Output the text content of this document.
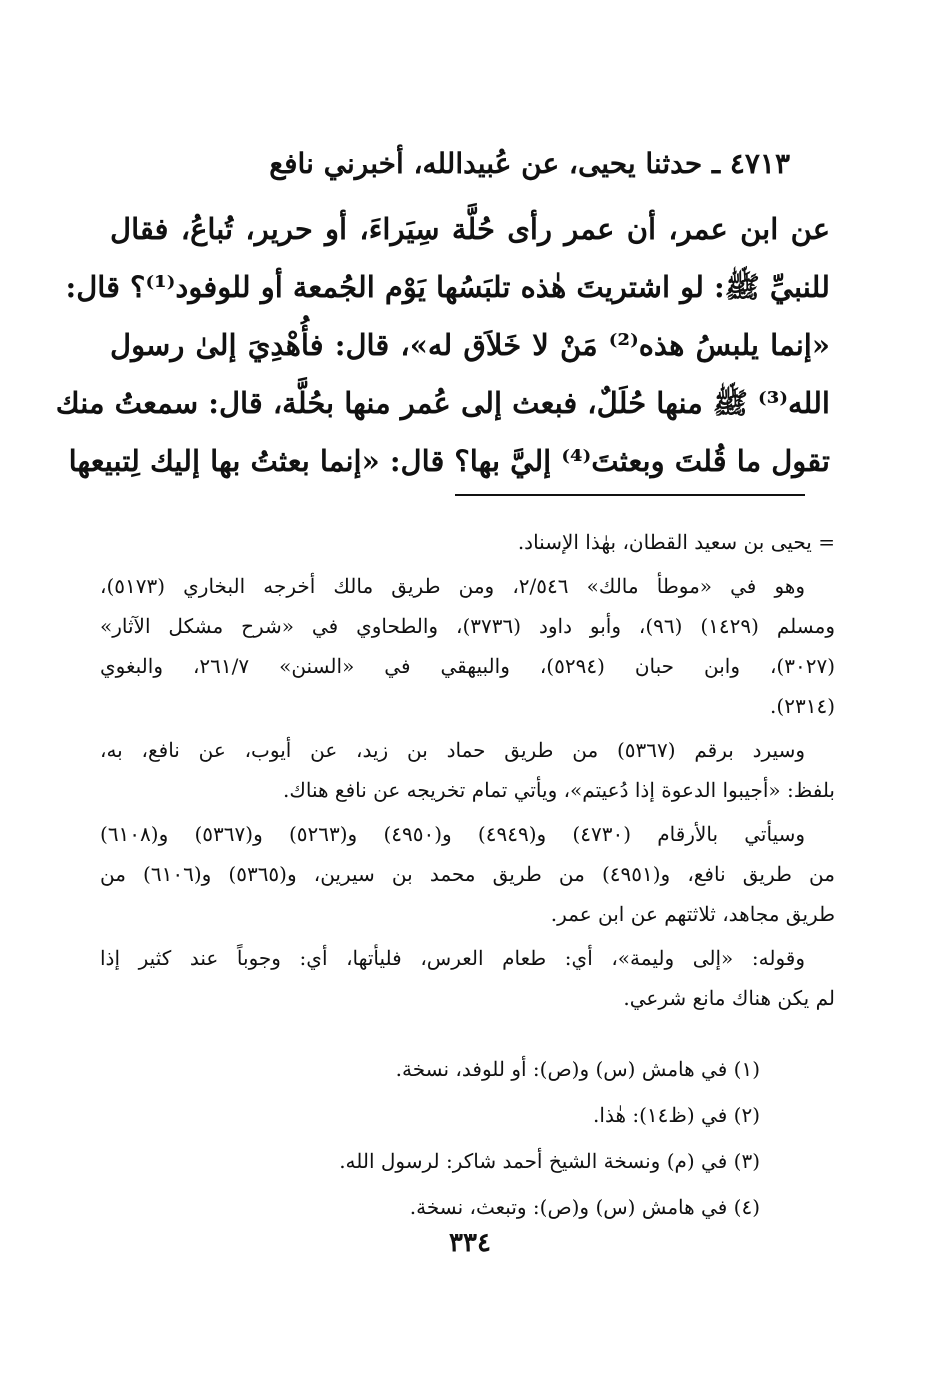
٤٧١٣ ـ حدثنا يحيى، عن عُبيدالله، أخبرني نافع
عن ابن عمر، أن عمر رأى حُلَّة سِيَراءَ، أو حرير، تُباعُ، فقال
للنبيِّ ﷺ: لو اشتريتَ هٰذه تلبَسُها يَوْم الجُمعة أو للوفود⁽¹⁾؟ قال:
«إنما يلبسُ هذه⁽²⁾ مَنْ لا خَلاَق له»، قال: فأُهْدِيَ إلىٰ رسول
الله⁽³⁾ ﷺ منها حُلَلٌ، فبعث إلى عُمر منها بحُلَّة، قال: سمعتُ منك
تقول ما قُلتَ وبعثتَ⁽⁴⁾ إليَّ بها؟ قال: «إنما بعثتُ بها إليك لِتبيعها
= يحيى بن سعيد القطان، بهٰذا الإسناد.
وهو في «موطأ مالك» ٢/٥٤٦، ومن طريق مالك أخرجه البخاري (٥١٧٣)،
ومسلم (١٤٢٩) (٩٦)، وأبو داود (٣٧٣٦)، والطحاوي في «شرح مشكل الآثار»
(٣٠٢٧)، وابن حبان (٥٢٩٤)، والبيهقي في «السنن» ٢٦١/٧، والبغوي
(٢٣١٤).
وسيرد برقم (٥٣٦٧) من طريق حماد بن زيد، عن أيوب، عن نافع، به،
بلفظ: «أجيبوا الدعوة إذا دُعيتم»، ويأتي تمام تخريجه عن نافع هناك.
وسيأتي بالأرقام (٤٧٣٠) و(٤٩٤٩) و(٤٩٥٠) و(٥٢٦٣) و(٥٣٦٧) و(٦١٠٨)
من طريق نافع، و(٤٩٥١) من طريق محمد بن سيرين، و(٥٣٦٥) و(٦١٠٦) من
طريق مجاهد، ثلاثتهم عن ابن عمر.
وقوله: «إلى وليمة»، أي: طعام العرس، فليأتها، أي: وجوباً عند كثير إذا
لم يكن هناك مانع شرعي.
(١) في هامش (س) و(ص): أو للوفد، نسخة.
(٢) في (ظ١٤): هٰذا.
(٣) في (م) ونسخة الشيخ أحمد شاكر: لرسول الله.
(٤) في هامش (س) و(ص): وتبعث، نسخة.
٣٣٤
